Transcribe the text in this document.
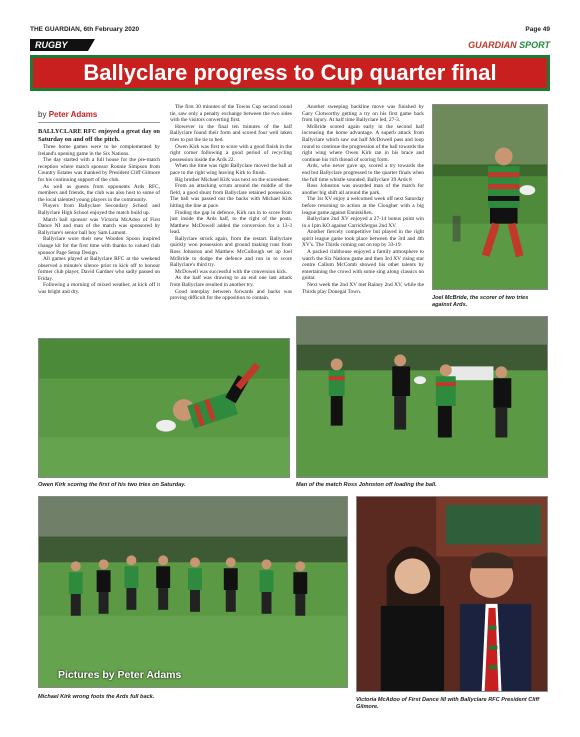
THE GUARDIAN, 6th February 2020	Page 49
RUGBY	GUARDIAN SPORT
Ballyclare progress to Cup quarter final
by Peter Adams

BALLYCLARE RFC enjoyed a great day on Saturday on and off the pitch.

Three home games were to be complemented by Ireland's opening game in the Six Nations.

The day started with a full house for the pre-match reception where match sponsor Ronnie Simpson from Country Estates was thanked by President Cliff Gilmore for his continuing support of the club.

As well as guests from opponents Ards RFC, members and friends, the club was also host to some of the local talented young players in the community.

Players from Ballyclare Secondary School and Ballyclare High School enjoyed the match build up.

Match ball sponsor was Victoria McAdoo of First Dance NI and man of the match was sponsored by Ballyclare's senior ball boy Sam Lamont.

Ballyclare wore their new Wooden Spoon inspired change kit for the first time with thanks to valued club sponsor Page Setup Design.

All games played at Ballyclare RFC at the weekend observed a minute's silence prior to kick off to honour former club player, David Gardner who sadly passed on Friday.

Following a morning of mixed weather, at kick off it was bright and dry.

The first 30 minutes of the Towns Cup second round tie, saw only a penalty exchange between the two sides with the visitors converting first.

However in the final ten minutes of the half Ballyclare found their form and scored four well taken tries to put the tie to bed.

Owen Kirk was first to score with a good finish in the right corner following a good period of recycling possession inside the Ards 22.

When the time was right Ballyclare moved the ball at pace to the right wing leaving Kirk to finish.

Big brother Michael Kirk was next on the scoresheet.

From an attacking scrum around the middle of the field, a good shunt from Ballyclare retained possession. The ball was passed out the backs with Michael Kirk hitting the line at pace.

Finding the gap in defence, Kirk ran in to score from just inside the Ards half, to the right of the posts. Matthew McDowell added the conversion for a 13-3 lead.

Ballyclare struck again, from the restart. Ballyclare quickly won possession and ground making runs from Ross Johnston and Matthew McCullough set up Joel McBride to dodge the defence and run in to score Ballyclare's third try.

McDowell was successful with the conversion kick.

As the half was drawing to an end one last attack from Ballyclare resulted in another try.

Good interplay between forwards and backs was proving difficult for the opposition to contain.

Another sweeping backline move was finished by Gary Clotworthy getting a try on his first game back from injury. At half time Ballyclare led, 27-3.

McBride scored again early in the second half increasing the home advantage. A superb attack from Ballyclare which saw out half McDowell pass and loop round to continue the progression of the ball towards the right wing where Owen Kirk ran in his brace and continue his rich thread of scoring form.

Ards, who never gave up, scored a try towards the end but Ballyclare progressed to the quarter finals when the full time whistle sounded. Ballyclare 39 Ards 8

Ross Johnston was awarded man of the match for another big shift all around the park.

The 1st XV enjoy a welcomed week off next Saturday before returning to action at the Clougher with a big league game against Enniskillen.

Ballyclare 2nd XV enjoyed a 27-14 bonus point win in a 1pm KO against Carrickfergus 2nd XV.

Another fiercely competitive but played in the right spirit league game took place between the 3rd and 4th XV's. The Thirds coming out on top by 33-19.

A packed clubhouse enjoyed a family atmosphere to watch the Six Nations game and then 3rd XV rising star centre Callum McComb showed his other talents by entertaining the crowd with some sing along classics on guitar.

Next week the 2nd XV met Rainey 2nd XV, while the Thirds play Donegal Town.

Joel McBride, the scorer of two tries against Ards.
Owen Kirk scoring the first of his two tries on Saturday.	Man of the match Ross Johnston off loading the ball.
Pictures by Peter Adams
Michael Kirk wrong foots the Ards full back.	Victoria McAdoo of First Dance NI with Ballyclare RFC President Cliff Gilmore.
